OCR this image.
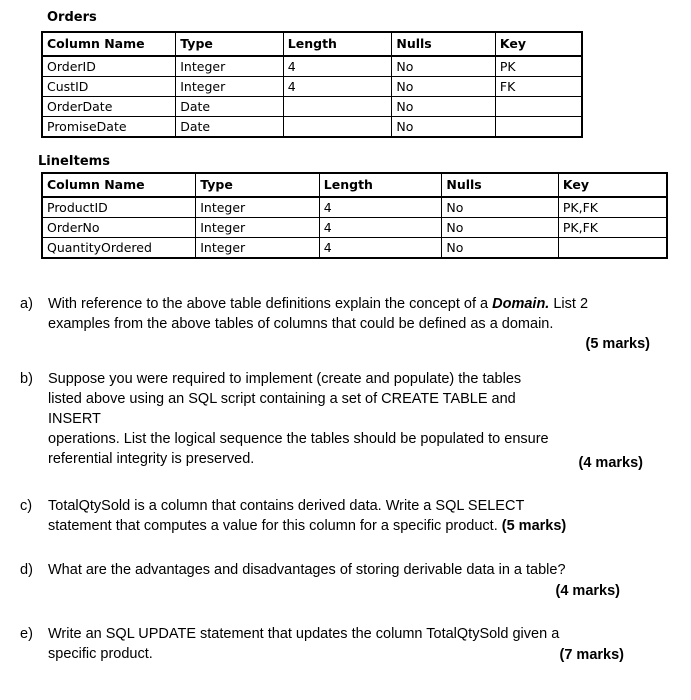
Orders
Column Name	Type	Length	Nulls	Key
OrderID	Integer	4	No	PK
CustID	Integer	4	No	FK
OrderDate	Date		No	
PromiseDate	Date		No	
LineItems
Column Name	Type	Length	Nulls	Key
ProductID	Integer	4	No	PK,FK
OrderNo	Integer	4	No	PK,FK
QuantityOrdered	Integer	4	No	
a) With reference to the above table definitions explain the concept of a Domain. List 2 examples from the above tables of columns that could be defined as a domain.
(5 marks)
b) Suppose you were required to implement (create and populate) the tables
listed above using an SQL script containing a set of CREATE TABLE and
INSERT
operations. List the logical sequence the tables should be populated to ensure
referential integrity is preserved.	(4 marks)
c) TotalQtySold is a column that contains derived data. Write a SQL SELECT
statement that computes a value for this column for a specific product. (5 marks)
d) What are the advantages and disadvantages of storing derivable data in a table?
(4 marks)
e) Write an SQL UPDATE statement that updates the column TotalQtySold given a
specific product.	(7 marks)
